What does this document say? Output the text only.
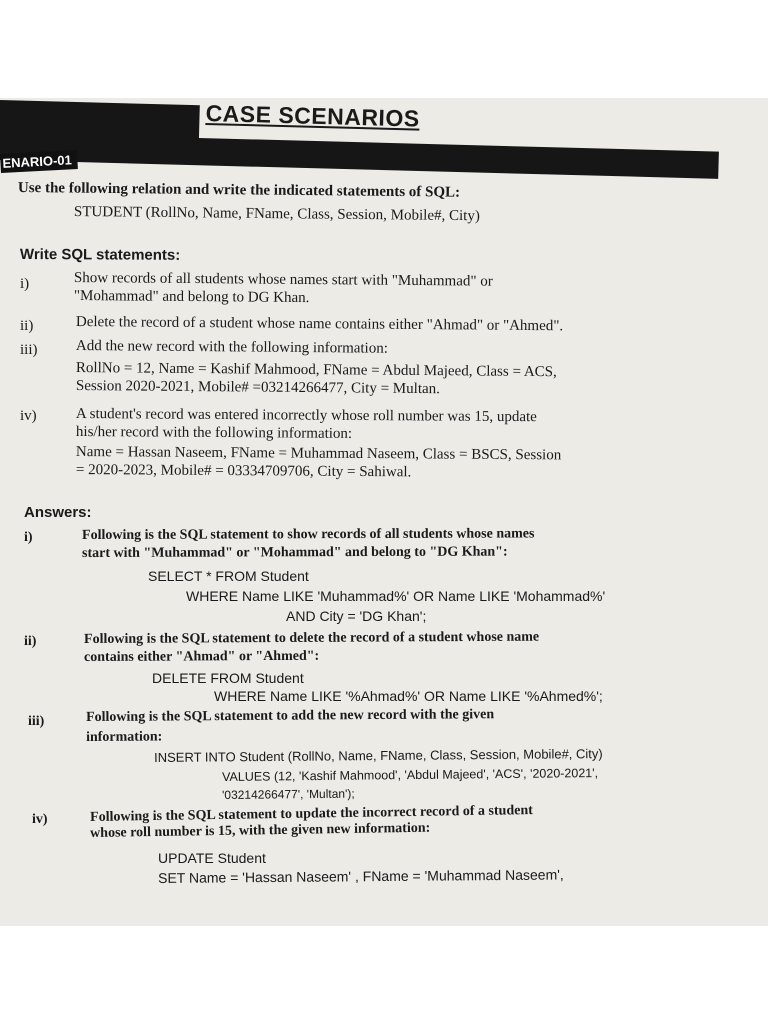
CASE SCENARIOS
ENARIO-01
Use the following relation and write the indicated statements of SQL:
STUDENT (RollNo, Name, FName, Class, Session, Mobile#, City)
Write SQL statements:
i)	Show records of all students whose names start with "Muhammad" or
"Mohammad" and belong to DG Khan.
ii)	Delete the record of a student whose name contains either "Ahmad" or "Ahmed".
iii)	Add the new record with the following information:
RollNo = 12, Name = Kashif Mahmood, FName = Abdul Majeed, Class = ACS,
Session 2020-2021, Mobile# =03214266477, City = Multan.
iv)	A student's record was entered incorrectly whose roll number was 15, update
his/her record with the following information:
Name = Hassan Naseem, FName = Muhammad Naseem, Class = BSCS, Session
= 2020-2023, Mobile# = 03334709706, City = Sahiwal.
Answers:
i)	Following is the SQL statement to show records of all students whose names
start with "Muhammad" or "Mohammad" and belong to "DG Khan":
SELECT * FROM Student
WHERE Name LIKE 'Muhammad%' OR Name LIKE 'Mohammad%'
AND City = 'DG Khan';
ii)	Following is the SQL statement to delete the record of a student whose name
contains either "Ahmad" or "Ahmed":
DELETE FROM Student
WHERE Name LIKE '%Ahmad%' OR Name LIKE '%Ahmed%';
iii)	Following is the SQL statement to add the new record with the given
information:
INSERT INTO Student (RollNo, Name, FName, Class, Session, Mobile#, City)
VALUES (12, 'Kashif Mahmood', 'Abdul Majeed', 'ACS', '2020-2021',
'03214266477', 'Multan');
iv)	Following is the SQL statement to update the incorrect record of a student
whose roll number is 15, with the given new information:
UPDATE Student
SET Name = 'Hassan Naseem' , FName = 'Muhammad Naseem',
